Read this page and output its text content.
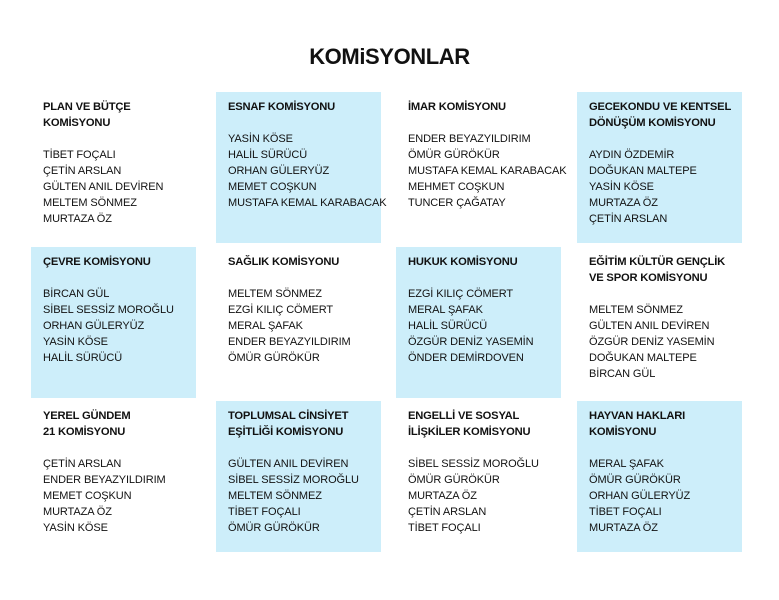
KOMiSYONLAR
PLAN VE BÜTÇE KOMİSYONU
TİBET FOÇALI
ÇETİN ARSLAN
GÜLTEN ANIL DEVİREN
MELTEM SÖNMEZ
MURTAZA ÖZ
ESNAF KOMİSYONU
YASİN KÖSE
HALİL SÜRÜCÜ
ORHAN GÜLERYÜZ
MEMET COŞKUN
MUSTAFA KEMAL KARABACAK
İMAR KOMİSYONU
ENDER BEYAZYILDIRIM
ÖMÜR GÜRÖKÜR
MUSTAFA KEMAL KARABACAK
MEHMET COŞKUN
TUNCER ÇAĞATAY
GECEKONDU VE KENTSEL
DÖNÜŞÜM KOMİSYONU
AYDIN ÖZDEMİR
DOĞUKAN MALTEPE
YASİN KÖSE
MURTAZA ÖZ
ÇETİN ARSLAN
ÇEVRE KOMİSYONU
BİRCAN GÜL
SİBEL SESSİZ MOROĞLU
ORHAN GÜLERYÜZ
YASİN KÖSE
HALİL SÜRÜCÜ
SAĞLIK KOMİSYONU
MELTEM SÖNMEZ
EZGİ KILIÇ CÖMERT
MERAL ŞAFAK
ENDER BEYAZYILDIRIM
ÖMÜR GÜRÖKÜR
HUKUK KOMİSYONU
EZGİ KILIÇ CÖMERT
MERAL ŞAFAK
HALİL SÜRÜCÜ
ÖZGÜR DENİZ YASEMİN
ÖNDER DEMİRDOVEN
EĞİTİM KÜLTÜR GENÇLİK
VE SPOR KOMİSYONU
MELTEM SÖNMEZ
GÜLTEN ANIL DEVİREN
ÖZGÜR DENİZ YASEMİN
DOĞUKAN MALTEPE
BİRCAN GÜL
YEREL GÜNDEM
21 KOMİSYONU
ÇETİN ARSLAN
ENDER BEYAZYILDIRIM
MEMET COŞKUN
MURTAZA ÖZ
YASİN KÖSE
TOPLUMSAL CİNSİYET
EŞİTLİĞİ KOMİSYONU
GÜLTEN ANIL DEVİREN
SİBEL SESSİZ MOROĞLU
MELTEM SÖNMEZ
TİBET FOÇALI
ÖMÜR GÜRÖKÜR
ENGELLİ VE SOSYAL
İLİŞKİLER KOMİSYONU
SİBEL SESSİZ MOROĞLU
ÖMÜR GÜRÖKÜR
MURTAZA ÖZ
ÇETİN ARSLAN
TİBET FOÇALI
HAYVAN HAKLARI
KOMİSYONU
MERAL ŞAFAK
ÖMÜR GÜRÖKÜR
ORHAN GÜLERYÜZ
TİBET FOÇALI
MURTAZA ÖZ
